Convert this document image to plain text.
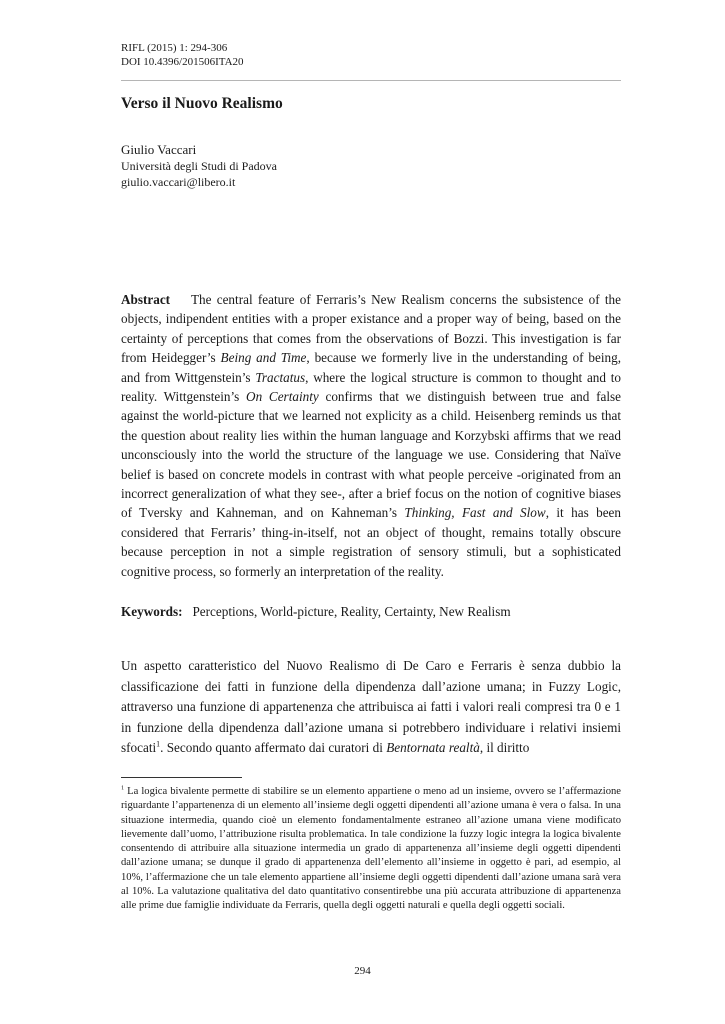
RIFL (2015) 1: 294-306
DOI 10.4396/201506ITA20
Verso il Nuovo Realismo
Giulio Vaccari
Università degli Studi di Padova
giulio.vaccari@libero.it

Abstract The central feature of Ferraris’s New Realism concerns the subsistence of the objects, indipendent entities with a proper existance and a proper way of being, based on the certainty of perceptions that comes from the observations of Bozzi. This investigation is far from Heidegger’s Being and Time, because we formerly live in the understanding of being, and from Wittgenstein’s Tractatus, where the logical structure is common to thought and to reality. Wittgenstein’s On Certainty confirms that we distinguish between true and false against the world-picture that we learned not explicity as a child. Heisenberg reminds us that the question about reality lies within the human language and Korzybski affirms that we read unconsciously into the world the structure of the language we use. Considering that Naïve belief is based on concrete models in contrast with what people perceive -originated from an incorrect generalization of what they see-, after a brief focus on the notion of cognitive biases of Tversky and Kahneman, and on Kahneman’s Thinking, Fast and Slow, it has been considered that Ferraris’ thing-in-itself, not an object of thought, remains totally obscure because perception in not a simple registration of sensory stimuli, but a sophisticated cognitive process, so formerly an interpretation of the reality.

Keywords: Perceptions, World-picture, Reality, Certainty, New Realism

Un aspetto caratteristico del Nuovo Realismo di De Caro e Ferraris è senza dubbio la classificazione dei fatti in funzione della dipendenza dall’azione umana; in Fuzzy Logic, attraverso una funzione di appartenenza che attribuisca ai fatti i valori reali compresi tra 0 e 1 in funzione della dipendenza dall’azione umana si potrebbero individuare i relativi insiemi sfocati$^1$. Secondo quanto affermato dai curatori di Bentornata realtà, il diritto

$^1$ La logica bivalente permette di stabilire se un elemento appartiene o meno ad un insieme, ovvero se l’affermazione riguardante l’appartenenza di un elemento all’insieme degli oggetti dipendenti all’azione umana è vera o falsa. In una situazione intermedia, quando cioè un elemento fondamentalmente estraneo all’azione umana viene modificato lievemente dall’uomo, l’attribuzione risulta problematica. In tale condizione la fuzzy logic integra la logica bivalente consentendo di attribuire alla situazione intermedia un grado di appartenenza all’insieme degli oggetti dipendenti dall’azione umana; se dunque il grado di appartenenza dell’elemento all’insieme in oggetto è pari, ad esempio, al 10%, l’affermazione che un tale elemento appartiene all’insieme degli oggetti dipendenti dall’azione umana sarà vera al 10%. La valutazione qualitativa del dato quantitativo consentirebbe una più accurata attribuzione di appartenenza alle prime due famiglie individuate da Ferraris, quella degli oggetti naturali e quella degli oggetti sociali.

294
